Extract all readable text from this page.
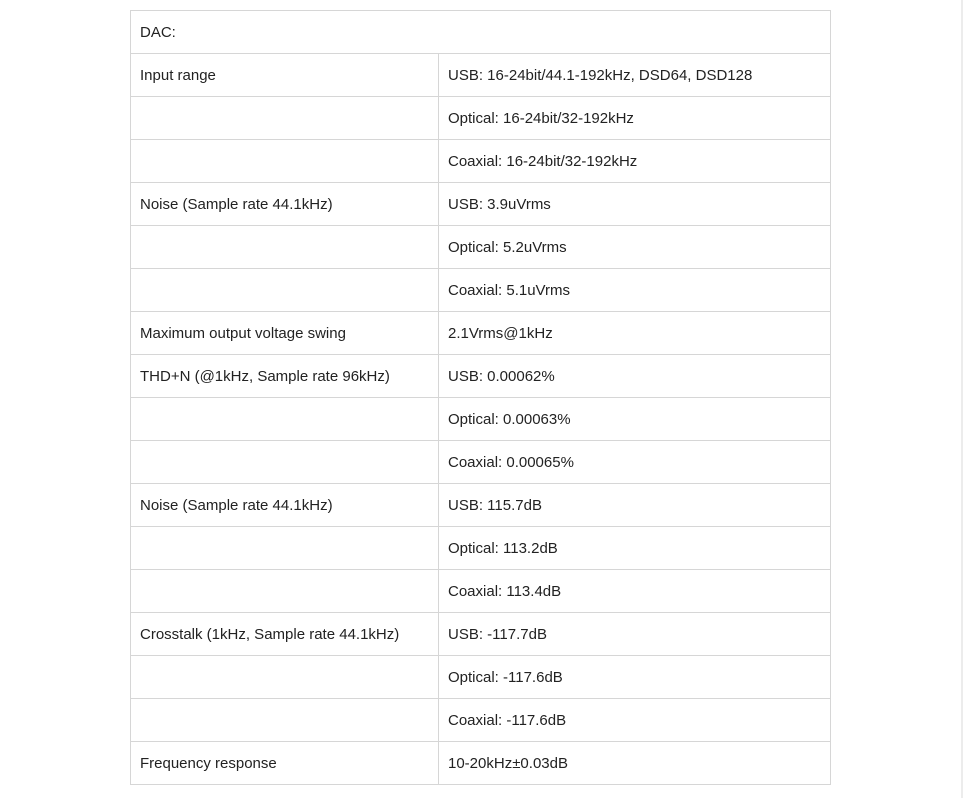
DAC:	
Input range	USB: 16-24bit/44.1-192kHz, DSD64, DSD128
	Optical: 16-24bit/32-192kHz
	Coaxial: 16-24bit/32-192kHz
Noise (Sample rate 44.1kHz)	USB: 3.9uVrms
	Optical: 5.2uVrms
	Coaxial: 5.1uVrms
Maximum output voltage swing	2.1Vrms@1kHz
THD+N (@1kHz, Sample rate 96kHz)	USB: 0.00062%
	Optical: 0.00063%
	Coaxial: 0.00065%
Noise (Sample rate 44.1kHz)	USB: 115.7dB
	Optical: 113.2dB
	Coaxial: 113.4dB
Crosstalk (1kHz, Sample rate 44.1kHz)	USB: -117.7dB
	Optical: -117.6dB
	Coaxial: -117.6dB
Frequency response	10-20kHz±0.03dB
